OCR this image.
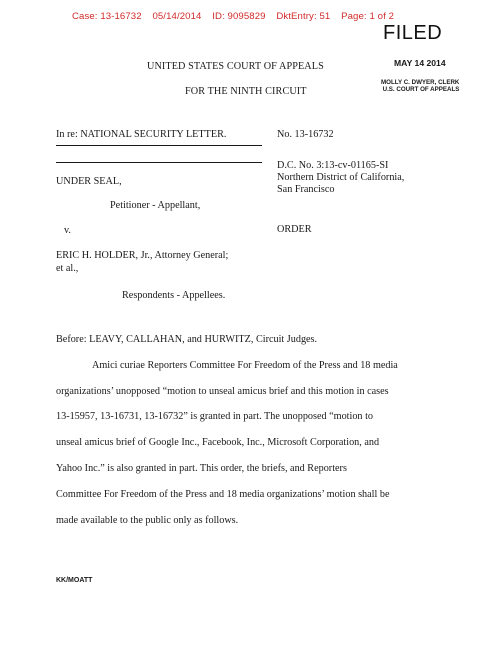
Case: 13-16732 05/14/2014 ID: 9095829 DktEntry: 51 Page: 1 of 2
FILED
MAY 14 2014
MOLLY C. DWYER, CLERK
U.S. COURT OF APPEALS
UNITED STATES COURT OF APPEALS
FOR THE NINTH CIRCUIT
In re: NATIONAL SECURITY LETTER.
UNDER SEAL,
Petitioner - Appellant,
v.
ERIC H. HOLDER, Jr., Attorney General;
et al.,
Respondents - Appellees.
No. 13-16732
D.C. No. 3:13-cv-01165-SI
Northern District of California,
San Francisco
ORDER
Before: LEAVY, CALLAHAN, and HURWITZ, Circuit Judges.
Amici curiae Reporters Committee For Freedom of the Press and 18 media
organizations’ unopposed “motion to unseal amicus brief and this motion in cases
13-15957, 13-16731, 13-16732” is granted in part. The unopposed “motion to
unseal amicus brief of Google Inc., Facebook, Inc., Microsoft Corporation, and
Yahoo Inc.” is also granted in part. This order, the briefs, and Reporters
Committee For Freedom of the Press and 18 media organizations’ motion shall be
made available to the public only as follows.
KK/MOATT
